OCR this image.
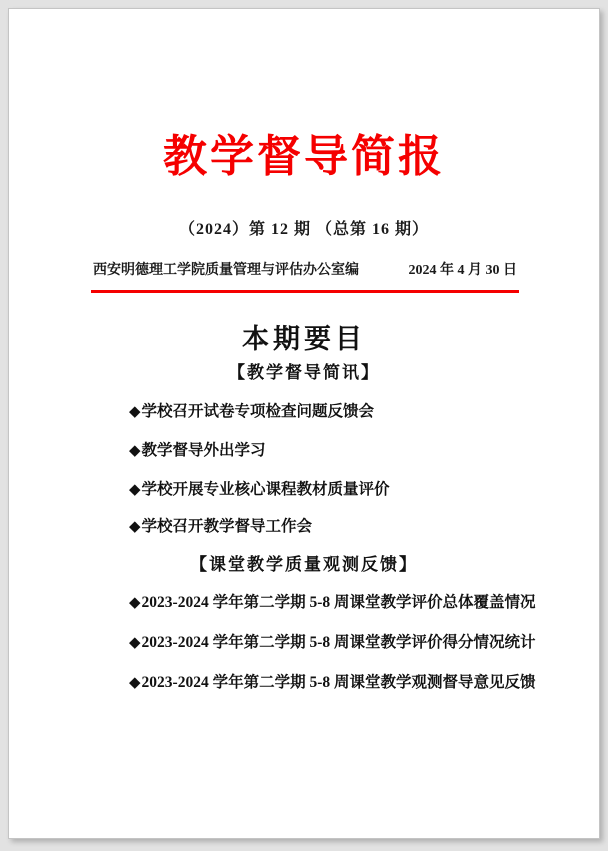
教学督导简报
（2024）第 12 期 （总第 16 期）
西安明德理工学院质量管理与评估办公室编	2024 年 4 月 30 日
本期要目
【教学督导简讯】
◆学校召开试卷专项检查问题反馈会
◆教学督导外出学习
◆学校开展专业核心课程教材质量评价
◆学校召开教学督导工作会
【课堂教学质量观测反馈】
◆2023-2024 学年第二学期 5-8 周课堂教学评价总体覆盖情况
◆2023-2024 学年第二学期 5-8 周课堂教学评价得分情况统计
◆2023-2024 学年第二学期 5-8 周课堂教学观测督导意见反馈
